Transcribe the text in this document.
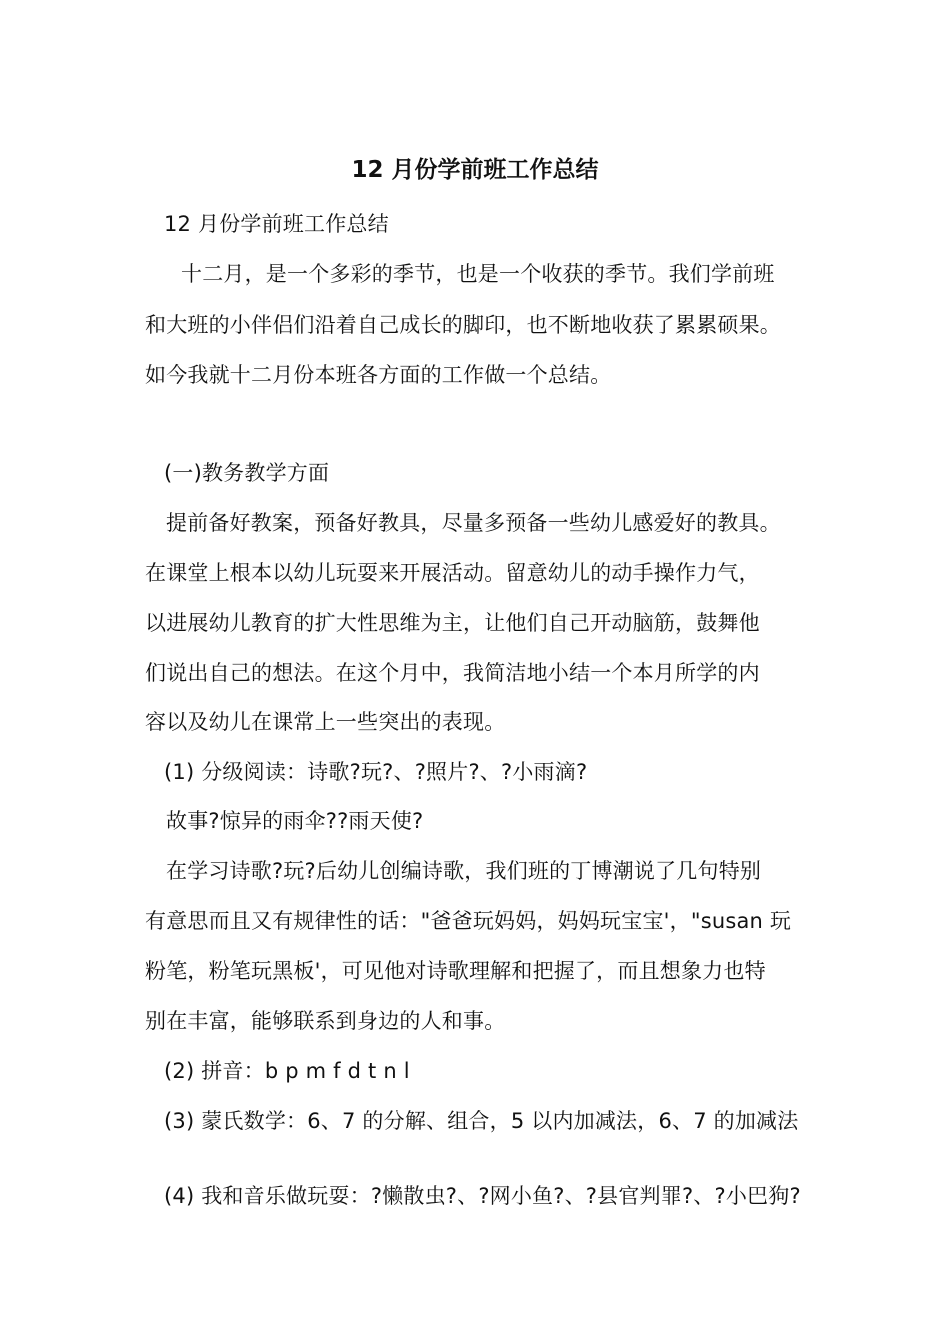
12 月份学前班工作总结
12 月份学前班工作总结
十二月，是一个多彩的季节，也是一个收获的季节。我们学前班
和大班的小伴侣们沿着自己成长的脚印，也不断地收获了累累硕果。
如今我就十二月份本班各方面的工作做一个总结。
(一)教务教学方面
提前备好教案，预备好教具，尽量多预备一些幼儿感爱好的教具。
在课堂上根本以幼儿玩耍来开展活动。留意幼儿的动手操作力气，
以进展幼儿教育的扩大性思维为主，让他们自己开动脑筋，鼓舞他
们说出自己的想法。在这个月中，我简洁地小结一个本月所学的内
容以及幼儿在课常上一些突出的表现。
(1) 分级阅读：诗歌?玩?、?照片?、?小雨滴?
故事?惊异的雨伞??雨天使?
在学习诗歌?玩?后幼儿创编诗歌，我们班的丁博潮说了几句特别
有意思而且又有规律性的话："爸爸玩妈妈，妈妈玩宝宝'，"susan 玩
粉笔，粉笔玩黑板'，可见他对诗歌理解和把握了，而且想象力也特
别在丰富，能够联系到身边的人和事。
(2) 拼音：b p m f d t n l
(3) 蒙氏数学：6、7 的分解、组合，5 以内加减法，6、7 的加减法
(4) 我和音乐做玩耍：?懒散虫?、?网小鱼?、?县官判罪?、?小巴狗?
